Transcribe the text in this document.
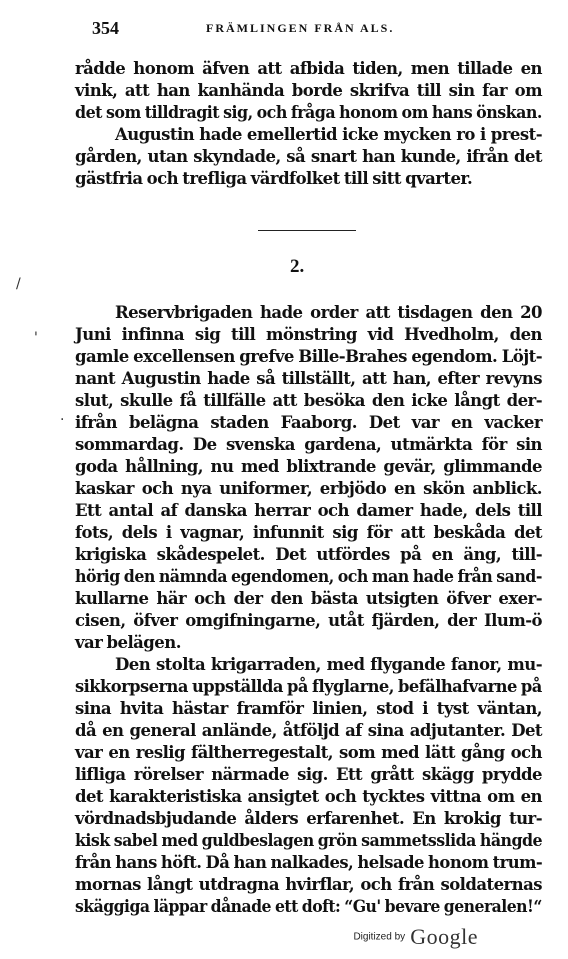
354	FRÄMLINGEN FRÅN ALS.
rådde honom äfven att afbida tiden, men tillade en
vink, att han kanhända borde skrifva till sin far om
det som tilldragit sig, och fråga honom om hans önskan.
Augustin hade emellertid icke mycken ro i prest-
gården, utan skyndade, så snart han kunde, ifrån det
gästfria och trefliga värdfolket till sitt qvarter.
2.
/
'
·
Reservbrigaden hade order att tisdagen den 20
Juni infinna sig till mönstring vid Hvedholm, den
gamle excellensen grefve Bille-Brahes egendom. Löjt-
nant Augustin hade så tillställt, att han, efter revyns
slut, skulle få tillfälle att besöka den icke långt der-
ifrån belägna staden Faaborg. Det var en vacker
sommardag. De svenska gardena, utmärkta för sin
goda hållning, nu med blixtrande gevär, glimmande
kaskar och nya uniformer, erbjödo en skön anblick.
Ett antal af danska herrar och damer hade, dels till
fots, dels i vagnar, infunnit sig för att beskåda det
krigiska skådespelet. Det utfördes på en äng, till-
hörig den nämnda egendomen, och man hade från sand-
kullarne här och der den bästa utsigten öfver exer-
cisen, öfver omgifningarne, utåt fjärden, der Ilum-ö
var belägen.
Den stolta krigarraden, med flygande fanor, mu-
sikkorpserna uppställda på flyglarne, befälhafvarne på
sina hvita hästar framför linien, stod i tyst väntan,
då en general anlände, åtföljd af sina adjutanter. Det
var en reslig fältherregestalt, som med lätt gång och
lifliga rörelser närmade sig. Ett grått skägg prydde
det karakteristiska ansigtet och tycktes vittna om en
vördnadsbjudande ålders erfarenhet. En krokig tur-
kisk sabel med guldbeslagen grön sammetsslida hängde
från hans höft. Då han nalkades, helsade honom trum-
mornas långt utdragna hvirflar, och från soldaternas
skäggiga läppar dånade ett doft: “Gu' bevare generalen!“
Digitized by Google
